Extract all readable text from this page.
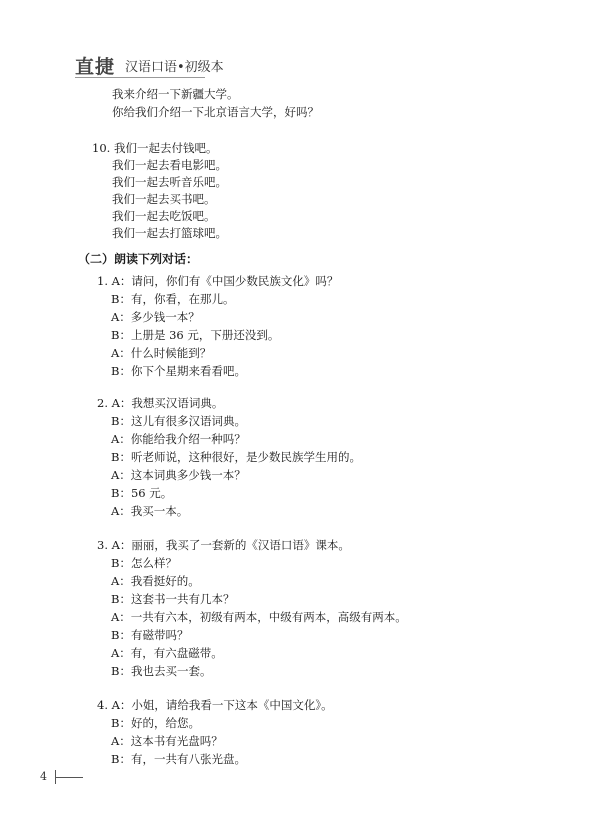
直捷 汉语口语•初级本
我来介绍一下新疆大学。
你给我们介绍一下北京语言大学，好吗？
10. 我们一起去付钱吧。
我们一起去看电影吧。
我们一起去听音乐吧。
我们一起去买书吧。
我们一起去吃饭吧。
我们一起去打篮球吧。
（二）朗读下列对话：
1. A：请问，你们有《中国少数民族文化》吗？
B：有，你看，在那儿。
A：多少钱一本？
B：上册是 36 元，下册还没到。
A：什么时候能到？
B：你下个星期来看看吧。
2. A：我想买汉语词典。
B：这儿有很多汉语词典。
A：你能给我介绍一种吗？
B：听老师说，这种很好，是少数民族学生用的。
A：这本词典多少钱一本？
B：56 元。
A：我买一本。
3. A：丽丽，我买了一套新的《汉语口语》课本。
B：怎么样？
A：我看挺好的。
B：这套书一共有几本？
A：一共有六本，初级有两本，中级有两本，高级有两本。
B：有磁带吗？
A：有，有六盘磁带。
B：我也去买一套。
4. A：小姐，请给我看一下这本《中国文化》。
B：好的，给您。
A：这本书有光盘吗？
B：有，一共有八张光盘。
4
